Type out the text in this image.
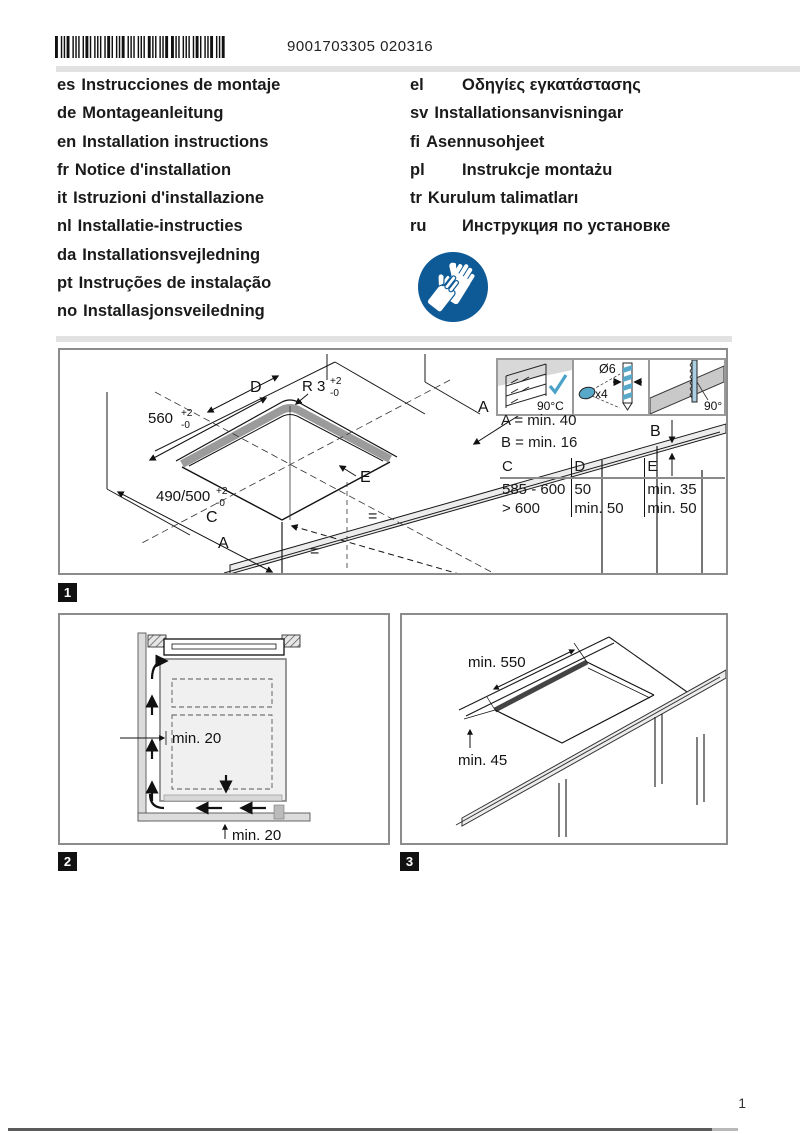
9001703305 020316
es Instrucciones de montaje
de Montageanleitung
en Installation instructions
fr Notice d'installation
it Istruzioni d'installazione
nl Installatie-instructies
da Installationsvejledning
pt Instruções de instalação
no Installasjonsveiledning
el	Οδηγίες εγκατάστασης
sv Installationsanvisningar
fi Asennusohjeet
pl	Instrukcje montażu
tr Kurulum talimatları
ru	Инструкция по установке
D
A
B
E
C
A
=
=
560 +2
-0
R 3 +2
-0
490/500 +2
-0
90°C
x4
Ø6
90°
A = min. 40
B = min. 16
C	D	E
585 - 600	50	min. 35
> 600	min. 50	min. 50
1
min. 20
min. 20
2
min. 550
min. 45
3
1
